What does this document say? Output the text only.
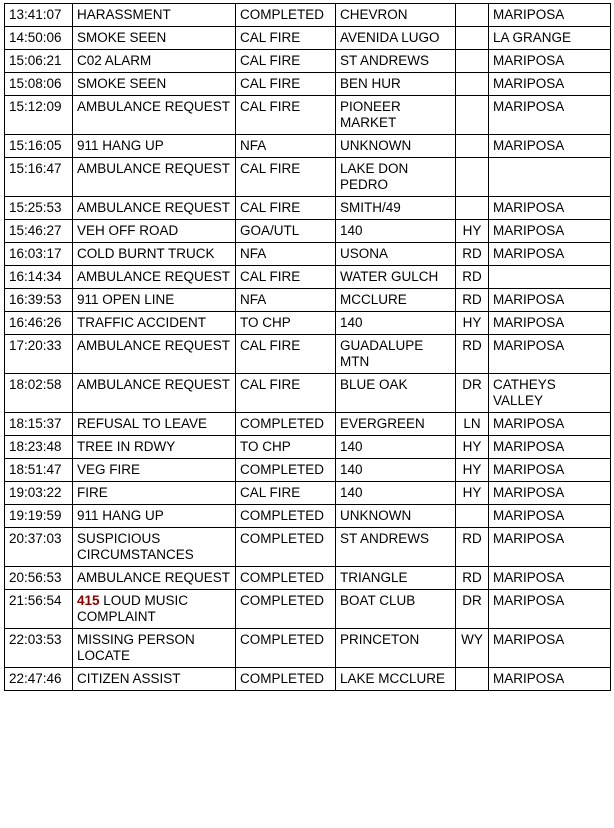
13:41:07	HARASSMENT	COMPLETED	CHEVRON		MARIPOSA
14:50:06	SMOKE SEEN	CAL FIRE	AVENIDA LUGO		LA GRANGE
15:06:21	C02 ALARM	CAL FIRE	ST ANDREWS		MARIPOSA
15:08:06	SMOKE SEEN	CAL FIRE	BEN HUR		MARIPOSA
15:12:09	AMBULANCE REQUEST	CAL FIRE	PIONEER MARKET		MARIPOSA
15:16:05	911 HANG UP	NFA	UNKNOWN		MARIPOSA
15:16:47	AMBULANCE REQUEST	CAL FIRE	LAKE DON PEDRO		
15:25:53	AMBULANCE REQUEST	CAL FIRE	SMITH/49		MARIPOSA
15:46:27	VEH OFF ROAD	GOA/UTL	140	HY	MARIPOSA
16:03:17	COLD BURNT TRUCK	NFA	USONA	RD	MARIPOSA
16:14:34	AMBULANCE REQUEST	CAL FIRE	WATER GULCH	RD	
16:39:53	911 OPEN LINE	NFA	MCCLURE	RD	MARIPOSA
16:46:26	TRAFFIC ACCIDENT	TO CHP	140	HY	MARIPOSA
17:20:33	AMBULANCE REQUEST	CAL FIRE	GUADALUPE MTN	RD	MARIPOSA
18:02:58	AMBULANCE REQUEST	CAL FIRE	BLUE OAK	DR	CATHEYS VALLEY
18:15:37	REFUSAL TO LEAVE	COMPLETED	EVERGREEN	LN	MARIPOSA
18:23:48	TREE IN RDWY	TO CHP	140	HY	MARIPOSA
18:51:47	VEG FIRE	COMPLETED	140	HY	MARIPOSA
19:03:22	FIRE	CAL FIRE	140	HY	MARIPOSA
19:19:59	911 HANG UP	COMPLETED	UNKNOWN		MARIPOSA
20:37:03	SUSPICIOUS CIRCUMSTANCES	COMPLETED	ST ANDREWS	RD	MARIPOSA
20:56:53	AMBULANCE REQUEST	COMPLETED	TRIANGLE	RD	MARIPOSA
21:56:54	415 LOUD MUSIC COMPLAINT	COMPLETED	BOAT CLUB	DR	MARIPOSA
22:03:53	MISSING PERSON LOCATE	COMPLETED	PRINCETON	WY	MARIPOSA
22:47:46	CITIZEN ASSIST	COMPLETED	LAKE MCCLURE		MARIPOSA
